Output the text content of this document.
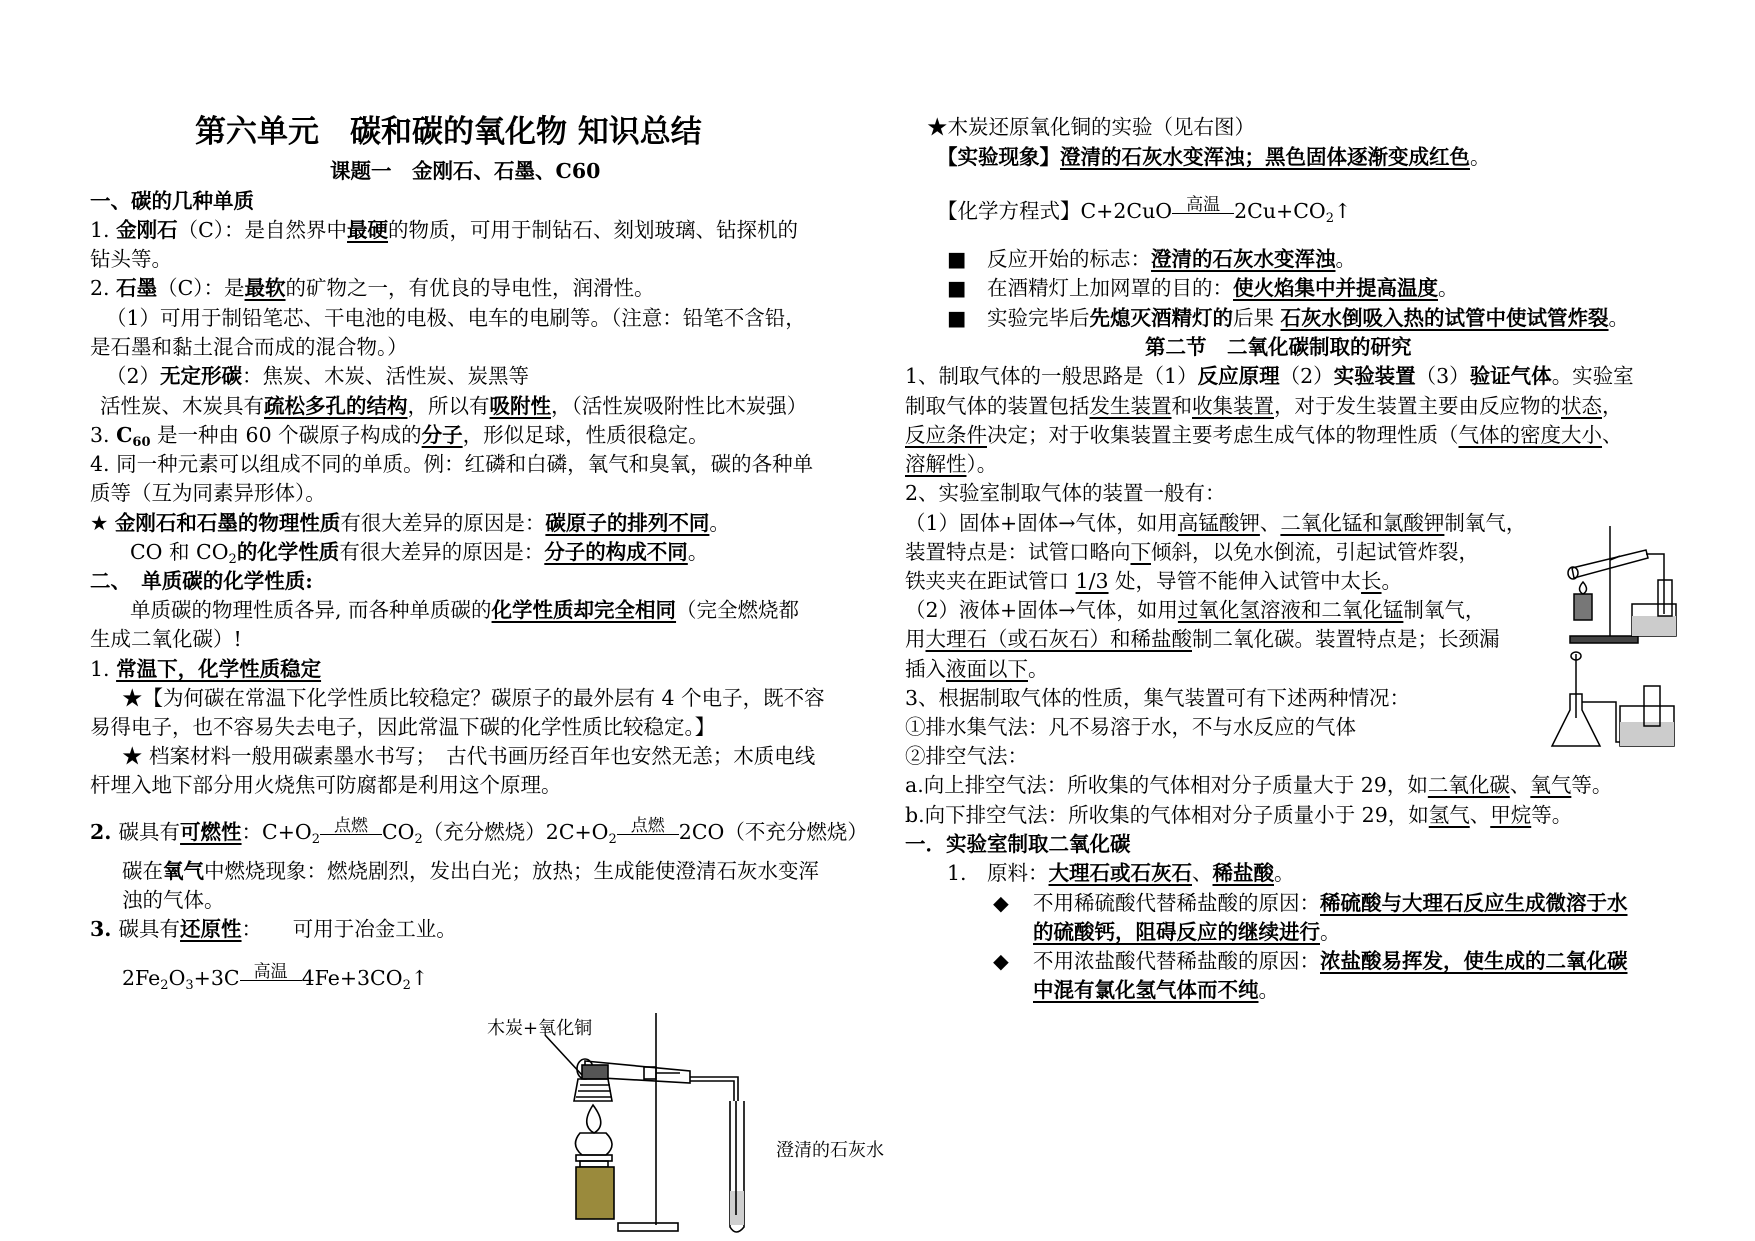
第六单元　碳和碳的氧化物 知识总结
课题一　金刚石、石墨、C60
一、碳的几种单质
1. 金刚石（C）：是自然界中最硬的物质，可用于制钻石、刻划玻璃、钻探机的
钻头等。
2. 石墨（C）：是最软的矿物之一，有优良的导电性，润滑性。
（1）可用于制铅笔芯、干电池的电极、电车的电刷等。（注意：铅笔不含铅，
是石墨和黏土混合而成的混合物。）
（2）无定形碳：焦炭、木炭、活性炭、炭黑等
活性炭、木炭具有疏松多孔的结构，所以有吸附性，（活性炭吸附性比木炭强）
3. $C_{60}$ 是一种由 60 个碳原子构成的分子，形似足球，性质很稳定。
4. 同一种元素可以组成不同的单质。例：红磷和白磷，氧气和臭氧，碳的各种单
质等（互为同素异形体）。
★ 金刚石和石墨的物理性质有很大差异的原因是：碳原子的排列不同。
CO 和 $CO_2$的化学性质有很大差异的原因是：分子的构成不同。
二、　单质碳的化学性质:
单质碳的物理性质各异, 而各种单质碳的化学性质却完全相同（完全燃烧都
生成二氧化碳）!
1. 常温下，化学性质稳定
★【为何碳在常温下化学性质比较稳定？碳原子的最外层有 4 个电子，既不容
易得电子，也不容易失去电子，因此常温下碳的化学性质比较稳定。】
★ 档案材料一般用碳素墨水书写；　古代书画历经百年也安然无恙；木质电线
杆埋入地下部分用火烧焦可防腐都是利用这个原理。
2. 碳具有可燃性：$C+O_2$
点燃 $CO_2$（充分燃烧）$2C+O_2$
点燃 2CO（不充分燃烧）
碳在氧气中燃烧现象：燃烧剧烈，发出白光；放热；生成能使澄清石灰水变浑
浊的气体。
3. 碳具有还原性：　　可用于冶金工业。
$2Fe_2O_3+3C$ 高温 $4Fe+3CO_2↑$
木炭+氧化铜
澄清的石灰水
★木炭还原氧化铜的实验（见右图）
【实验现象】澄清的石灰水变浑浊；黑色固体逐渐变成红色。
【化学方程式】C+2CuO 高温 $2Cu+CO_2↑$
■ 反应开始的标志：澄清的石灰水变浑浊。
■ 在酒精灯上加网罩的目的：使火焰集中并提高温度。
■ 实验完毕后先熄灭酒精灯的后果 石灰水倒吸入热的试管中使试管炸裂。
第二节　二氧化碳制取的研究
1、制取气体的一般思路是（1）反应原理（2）实验装置（3）验证气体。实验室
制取气体的装置包括发生装置和收集装置，对于发生装置主要由反应物的状态，
反应条件决定；对于收集装置主要考虑生成气体的物理性质（气体的密度大小、
溶解性）。
2、实验室制取气体的装置一般有：
（1）固体+固体→气体，如用高锰酸钾、二氧化锰和氯酸钾制氧气，
装置特点是：试管口略向下倾斜，以免水倒流，引起试管炸裂，
铁夹夹在距试管口 1/3 处，导管不能伸入试管中太长。
（2）液体+固体→气体，如用过氧化氢溶液和二氧化锰制氧气，
用大理石（或石灰石）和稀盐酸制二氧化碳。装置特点是；长颈漏
插入液面以下。
3、根据制取气体的性质，集气装置可有下述两种情况：
①排水集气法：凡不易溶于水，不与水反应的气体
②排空气法：
a.向上排空气法：所收集的气体相对分子质量大于 29，如二氧化碳、氧气等。
b.向下排空气法：所收集的气体相对分子质量小于 29，如氢气、甲烷等。
一．实验室制取二氧化碳
1. 原料：大理石或石灰石、稀盐酸。
◆ 不用稀硫酸代替稀盐酸的原因：稀硫酸与大理石反应生成微溶于水
的硫酸钙，阻碍反应的继续进行。
◆ 不用浓盐酸代替稀盐酸的原因：浓盐酸易挥发，使生成的二氧化碳
中混有氯化氢气体而不纯。
